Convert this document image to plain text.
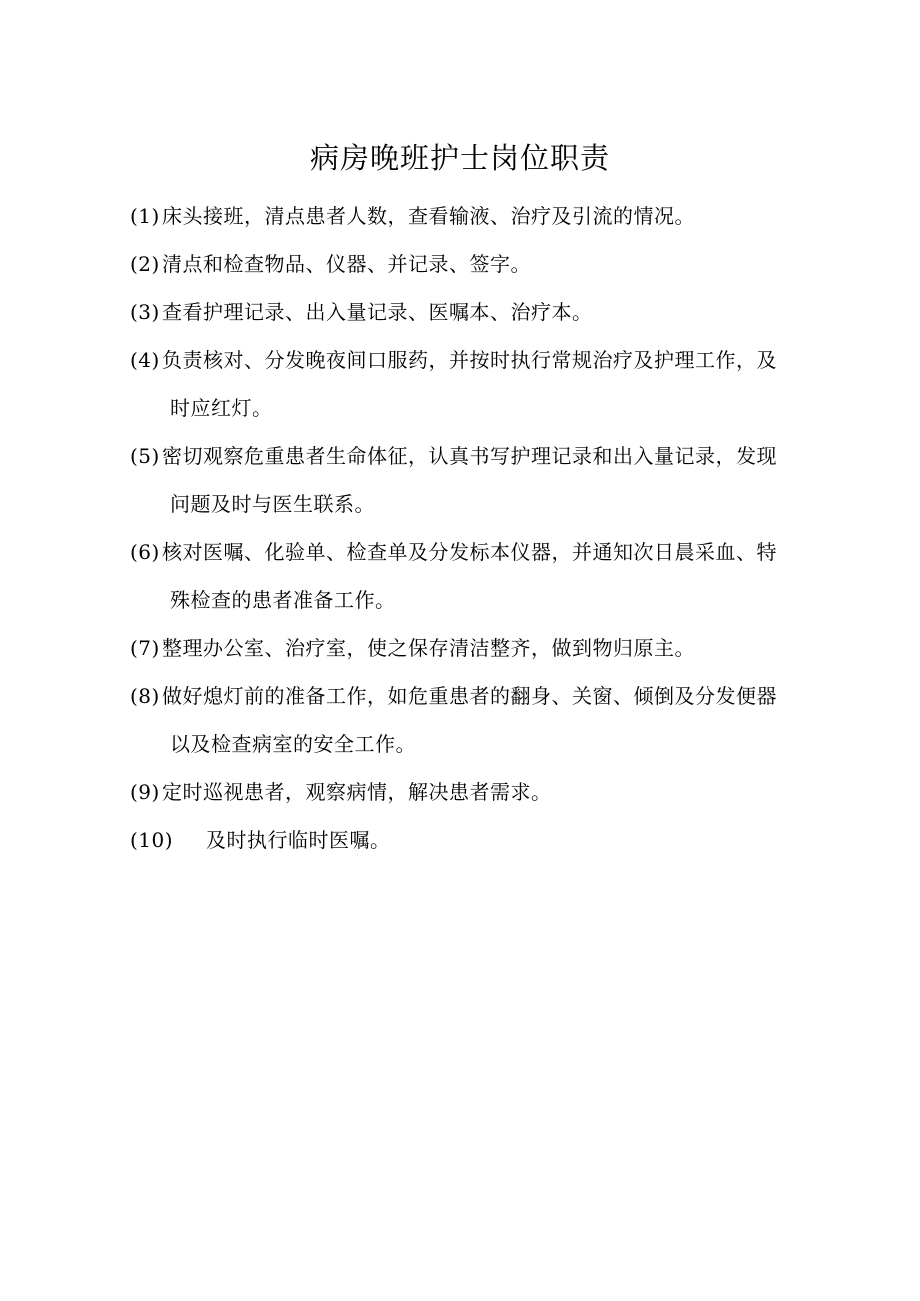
病房晚班护士岗位职责
(1) 床头接班，清点患者人数，查看输液、治疗及引流的情况。
(2) 清点和检查物品、仪器、并记录、签字。
(3) 查看护理记录、出入量记录、医嘱本、治疗本。
(4) 负责核对、分发晚夜间口服药，并按时执行常规治疗及护理工作，及
时应红灯。
(5) 密切观察危重患者生命体征，认真书写护理记录和出入量记录，发现
问题及时与医生联系。
(6) 核对医嘱、化验单、检查单及分发标本仪器，并通知次日晨采血、特
殊检查的患者准备工作。
(7) 整理办公室、治疗室，使之保存清洁整齐，做到物归原主。
(8) 做好熄灯前的准备工作，如危重患者的翻身、关窗、倾倒及分发便器
以及检查病室的安全工作。
(9) 定时巡视患者，观察病情，解决患者需求。
(10)	及时执行临时医嘱。
